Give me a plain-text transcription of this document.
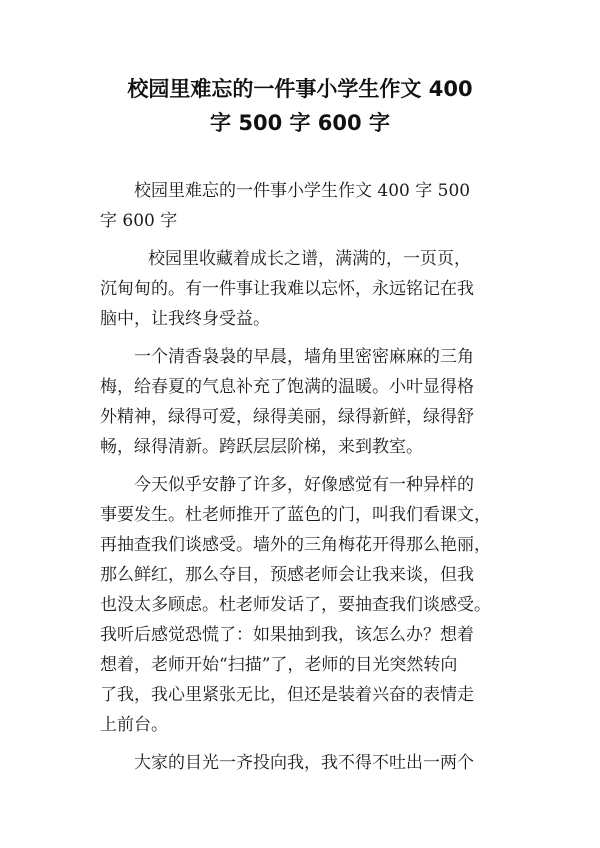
校园里难忘的一件事小学生作文 400
字 500 字 600 字

校园里难忘的一件事小学生作文 400 字 500
字 600 字

校园里收藏着成长之谱，满满的，一页页，
沉甸甸的。有一件事让我难以忘怀，永远铭记在我
脑中，让我终身受益。

一个清香袅袅的早晨，墙角里密密麻麻的三角
梅，给春夏的气息补充了饱满的温暖。小叶显得格
外精神，绿得可爱，绿得美丽，绿得新鲜，绿得舒
畅，绿得清新。跨跃层层阶梯，来到教室。

今天似乎安静了许多，好像感觉有一种异样的
事要发生。杜老师推开了蓝色的门，叫我们看课文，
再抽查我们谈感受。墙外的三角梅花开得那么艳丽，
那么鲜红，那么夺目，预感老师会让我来谈，但我
也没太多顾虑。杜老师发话了，要抽查我们谈感受。
我听后感觉恐慌了：如果抽到我，该怎么办？想着
想着，老师开始“扫描”了，老师的目光突然转向
了我，我心里紧张无比，但还是装着兴奋的表情走
上前台。

大家的目光一齐投向我，我不得不吐出一两个
